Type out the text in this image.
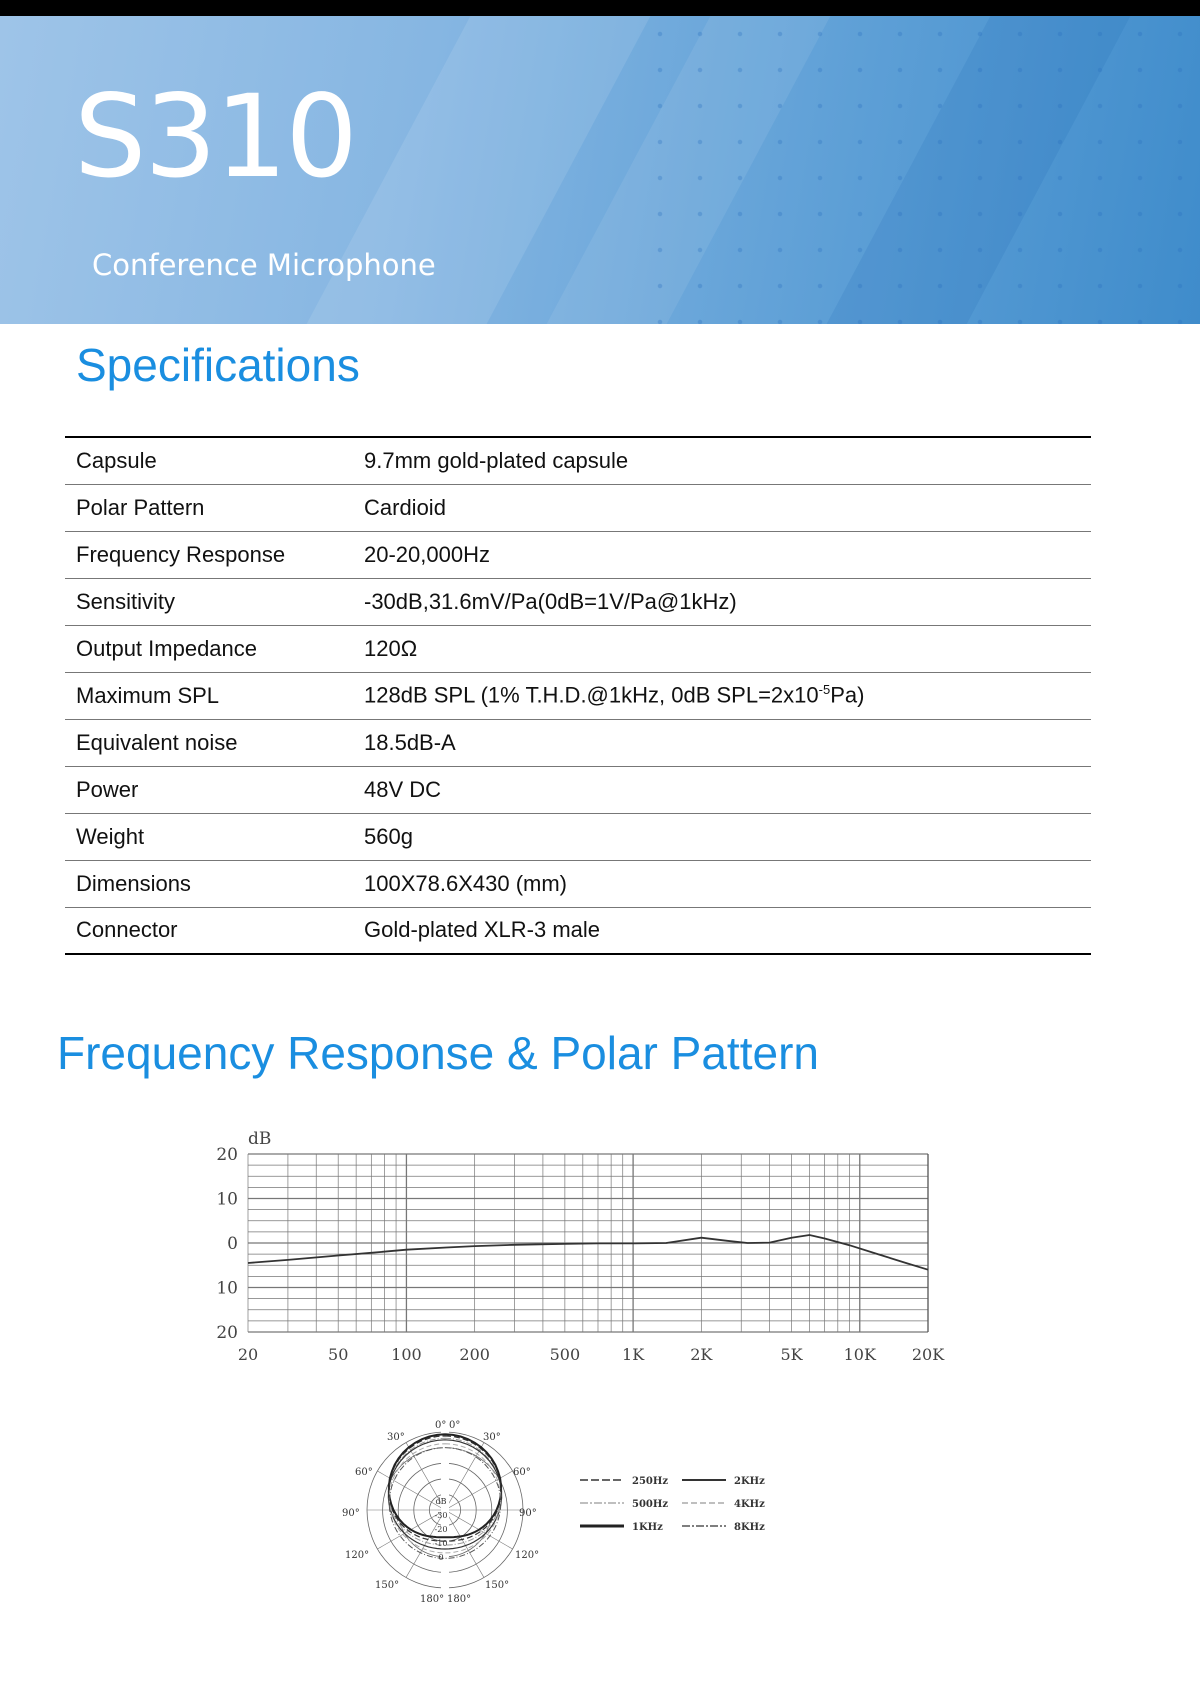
S310
Conference Microphone
Specifications
Capsule	9.7mm gold-plated capsule
Polar Pattern	Cardioid
Frequency Response	20-20,000Hz
Sensitivity	-30dB,31.6mV/Pa(0dB=1V/Pa@1kHz)
Output Impedance	120Ω
Maximum SPL	128dB SPL (1% T.H.D.@1kHz, 0dB $SPL=2x10^{-5}Pa$)
Equivalent noise	18.5dB-A
Power	48V DC
Weight	560g
Dimensions	100X78.6X430 (mm)
Connector	Gold-plated XLR-3 male
Frequency Response & Polar Pattern
20
10
0
10
20
dB
20	50	100 200	500	1K	2K	5K	10K 20K
0°
30°
60°
90°
120°
150°
180°
0°
30°
60°
90°
120°
150°
180°
dB
-30
-20
-10
0
250Hz
500Hz
1KHz
2KHz
4KHz
8KHz
